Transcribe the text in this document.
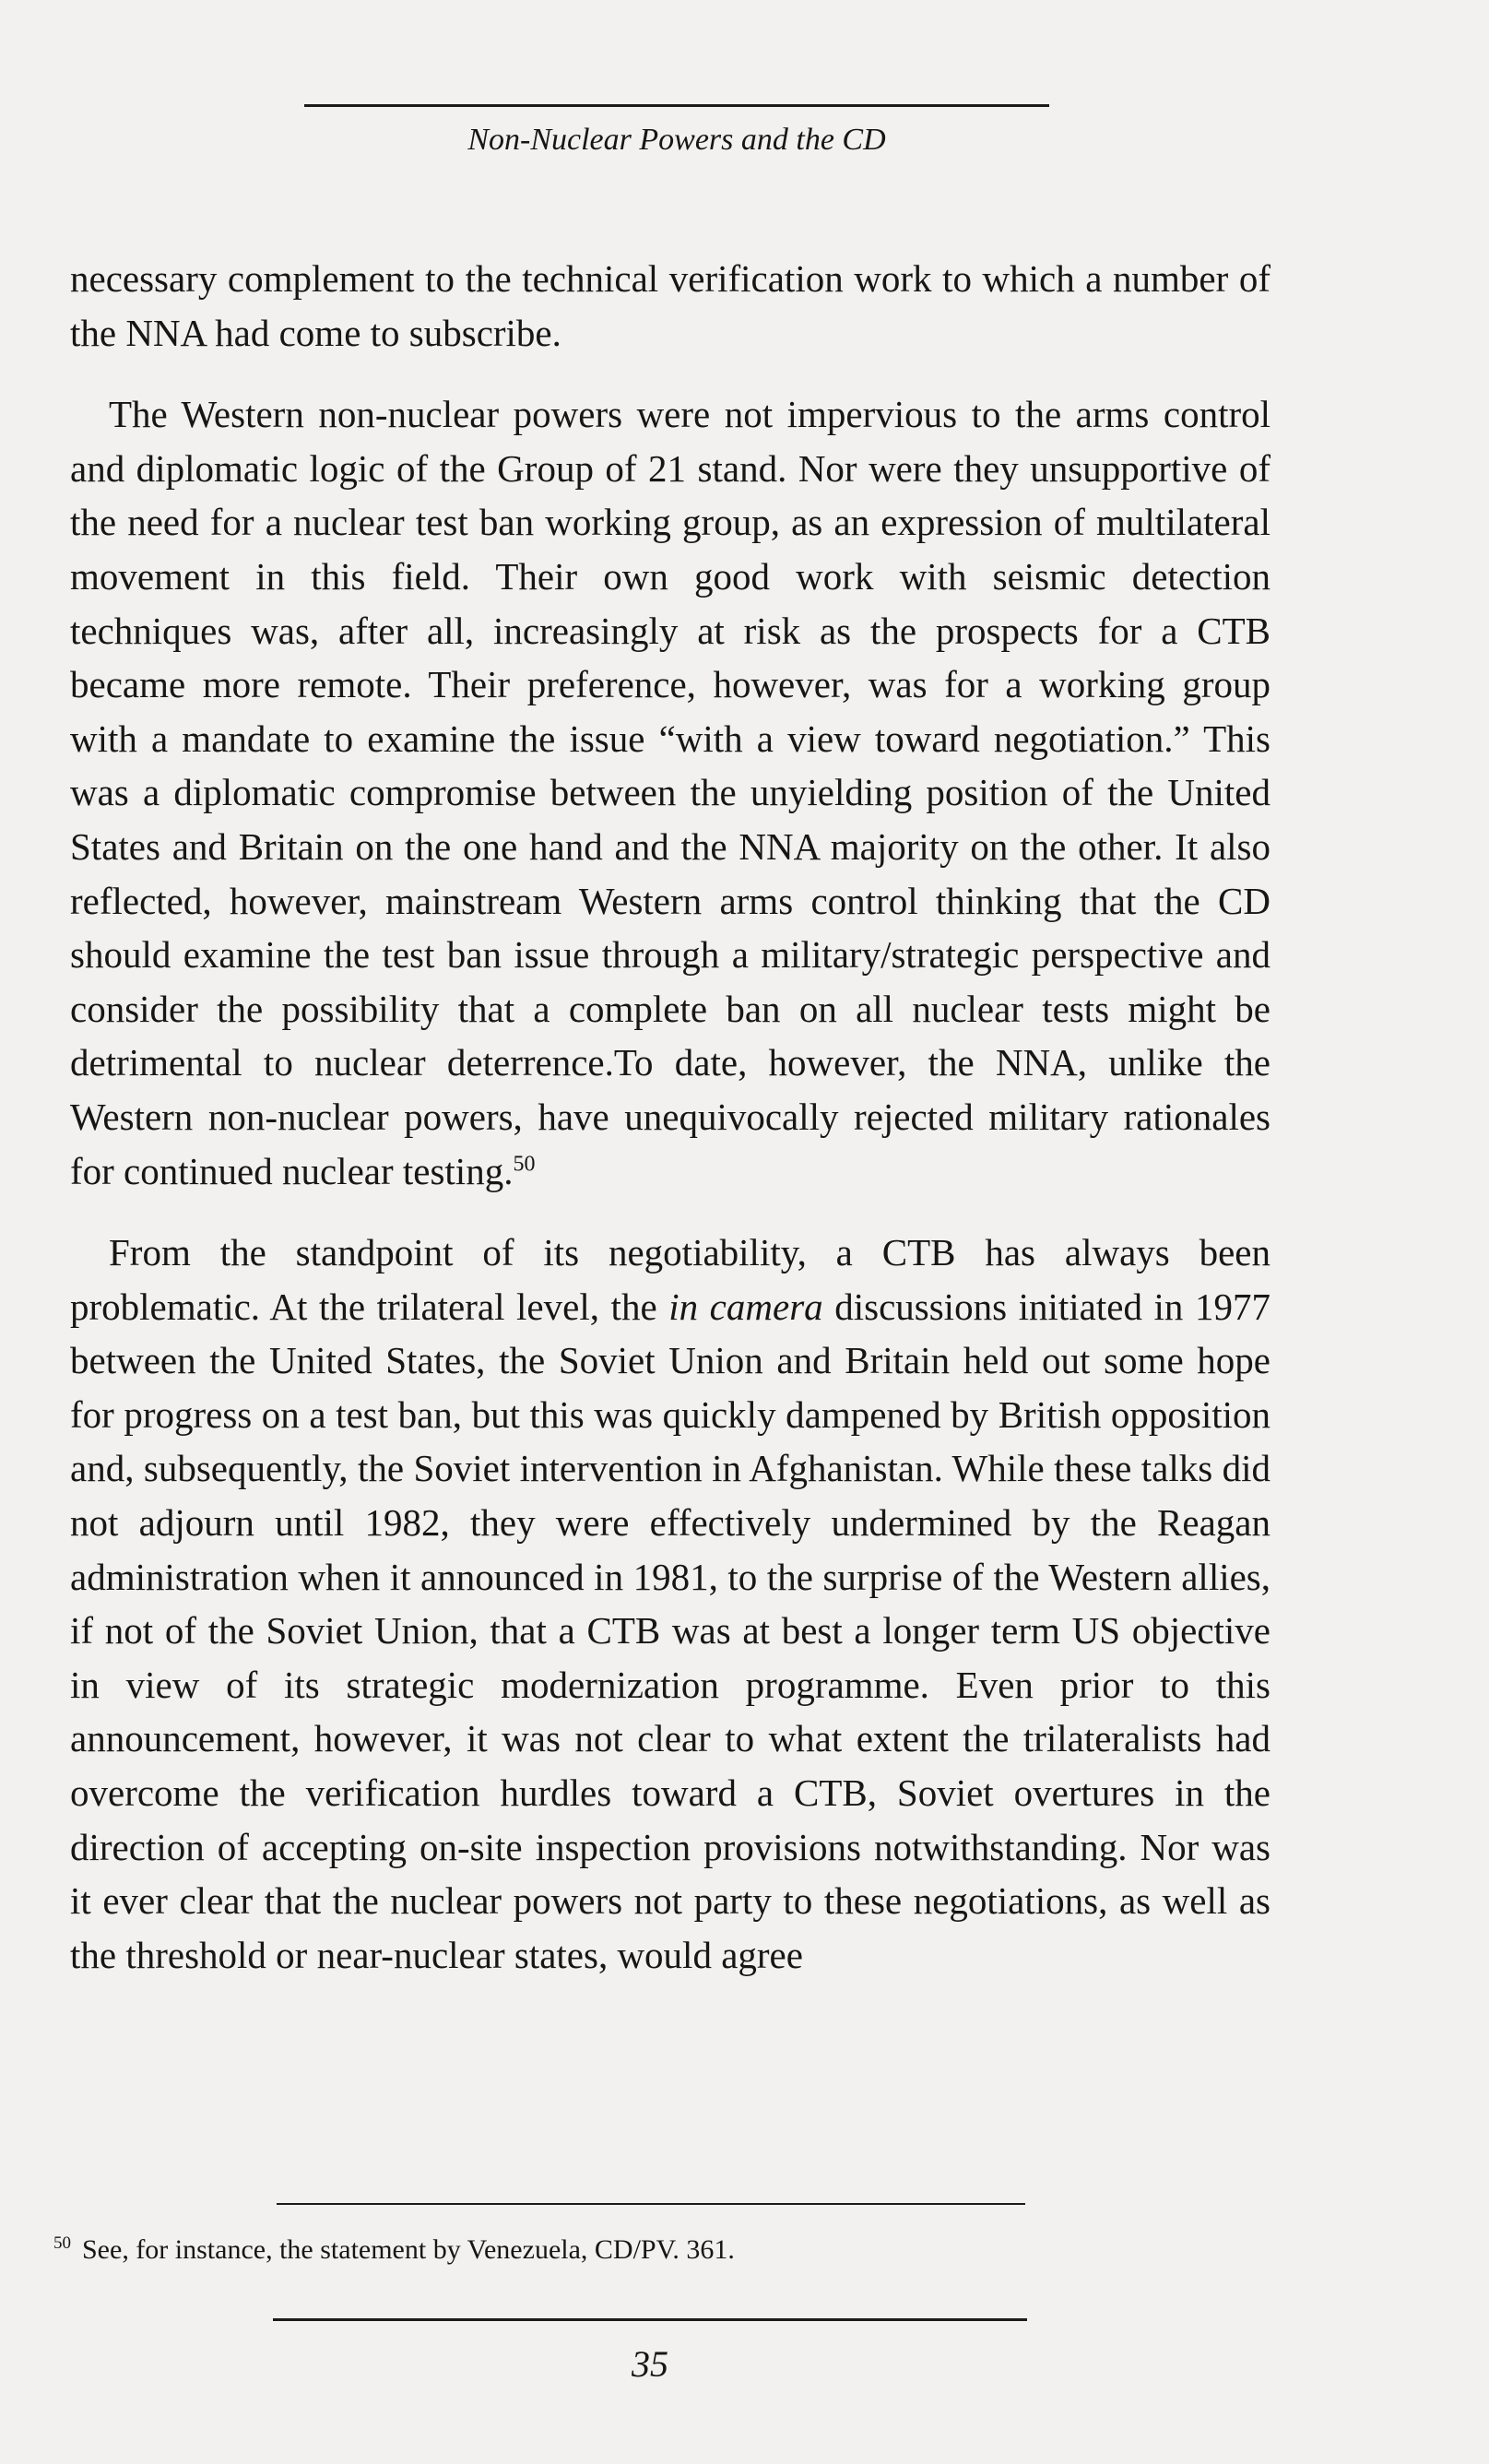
Non-Nuclear Powers and the CD

necessary complement to the technical verification work to which a number of the NNA had come to subscribe.

The Western non-nuclear powers were not impervious to the arms control and diplomatic logic of the Group of 21 stand. Nor were they unsupportive of the need for a nuclear test ban working group, as an expression of multilateral movement in this field. Their own good work with seismic detection techniques was, after all, increasingly at risk as the prospects for a CTB became more remote. Their preference, however, was for a working group with a mandate to examine the issue “with a view toward negotiation.” This was a diplomatic compromise between the unyielding position of the United States and Britain on the one hand and the NNA majority on the other. It also reflected, however, mainstream Western arms control thinking that the CD should examine the test ban issue through a military/strategic perspective and consider the possibility that a complete ban on all nuclear tests might be detrimental to nuclear deterrence.To date, however, the NNA, unlike the Western non-nuclear powers, have unequivocally rejected military rationales for continued nuclear testing.$^{50}$

From the standpoint of its negotiability, a CTB has always been problematic. At the trilateral level, the in camera discussions initiated in 1977 between the United States, the Soviet Union and Britain held out some hope for progress on a test ban, but this was quickly dampened by British opposition and, subsequently, the Soviet intervention in Afghanistan. While these talks did not adjourn until 1982, they were effectively undermined by the Reagan administration when it announced in 1981, to the surprise of the Western allies, if not of the Soviet Union, that a CTB was at best a longer term US objective in view of its strategic modernization programme. Even prior to this announcement, however, it was not clear to what extent the trilateralists had overcome the verification hurdles toward a CTB, Soviet overtures in the direction of accepting on-site inspection provisions notwithstanding. Nor was it ever clear that the nuclear powers not party to these negotiations, as well as the threshold or near-nuclear states, would agree

$^{50}$ See, for instance, the statement by Venezuela, CD/PV. 361.
35
